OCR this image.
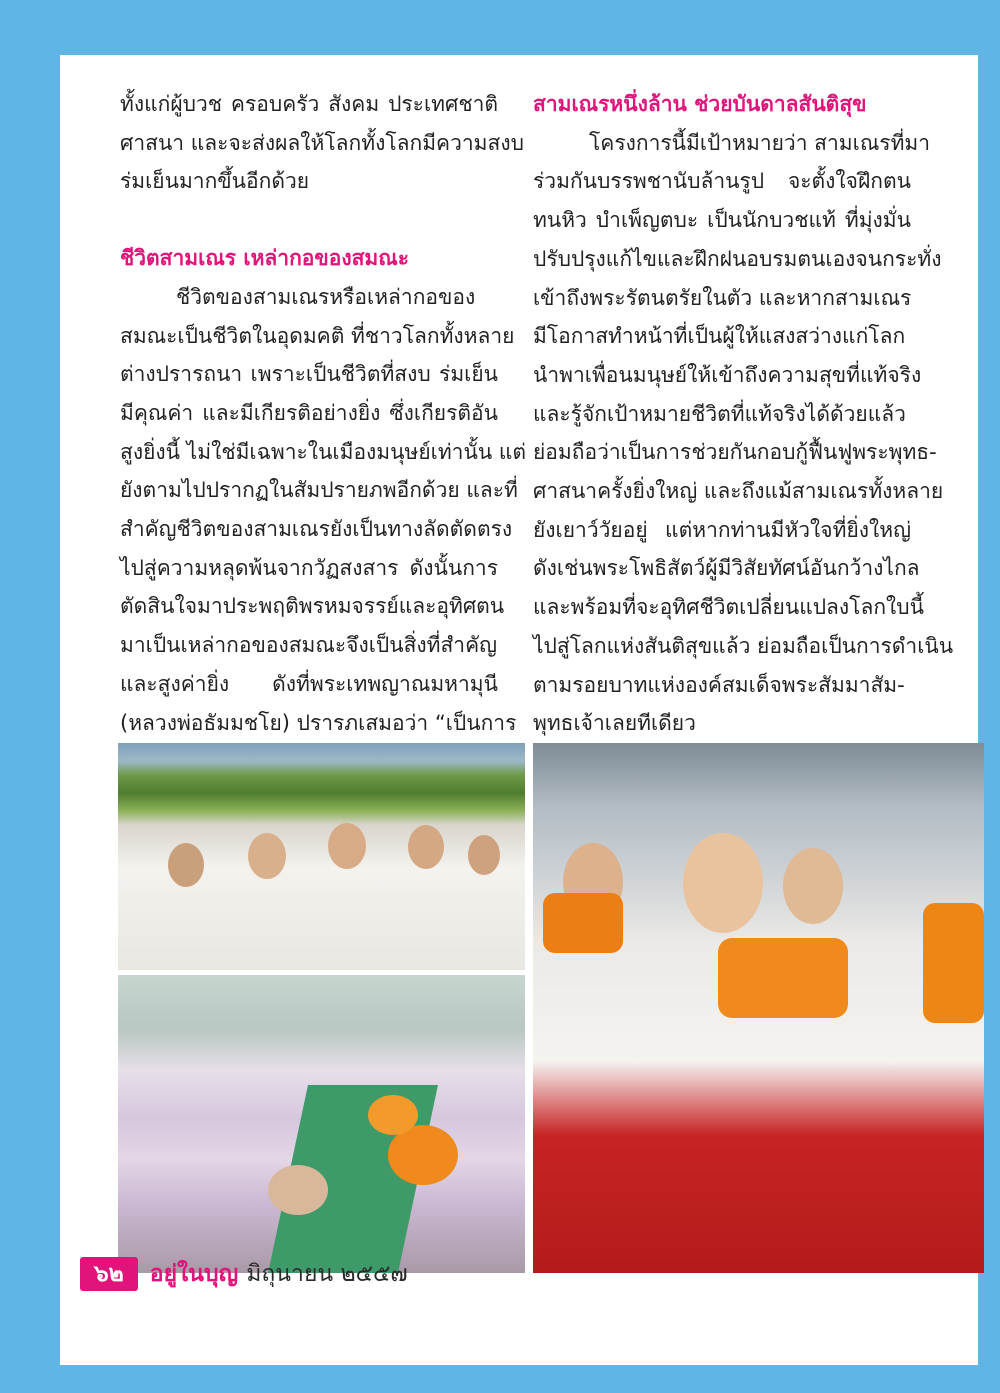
ทั้งแก่ผู้บวช ครอบครัว สังคม ประเทศชาติ
ศาสนา และจะส่งผลให้โลกทั้งโลกมีความสงบ
ร่มเย็นมากขึ้นอีกด้วย
ชีวิตสามเณร เหล่ากอของสมณะ
ชีวิตของสามเณรหรือเหล่ากอของ
สมณะเป็นชีวิตในอุดมคติ ที่ชาวโลกทั้งหลาย
ต่างปรารถนา เพราะเป็นชีวิตที่สงบ ร่มเย็น
มีคุณค่า และมีเกียรติอย่างยิ่ง ซึ่งเกียรติอัน
สูงยิ่งนี้ ไม่ใช่มีเฉพาะในเมืองมนุษย์เท่านั้น แต่
ยังตามไปปรากฏในสัมปรายภพอีกด้วย และที่
สำคัญชีวิตของสามเณรยังเป็นทางลัดตัดตรง
ไปสู่ความหลุดพ้นจากวัฏสงสาร ดังนั้นการ
ตัดสินใจมาประพฤติพรหมจรรย์และอุทิศตน
มาเป็นเหล่ากอของสมณะจึงเป็นสิ่งที่สำคัญ
และสูงค่ายิ่ง ดังที่พระเทพญาณมหามุนี
(หลวงพ่อธัมมชโย) ปรารภเสมอว่า “เป็นการ
สามเณรหนึ่งล้าน ช่วยบันดาลสันติสุข
โครงการนี้มีเป้าหมายว่า สามเณรที่มา
ร่วมกันบรรพชานับล้านรูป จะตั้งใจฝึกตน
ทนหิว บำเพ็ญตบะ เป็นนักบวชแท้ ที่มุ่งมั่น
ปรับปรุงแก้ไขและฝึกฝนอบรมตนเองจนกระทั่ง
เข้าถึงพระรัตนตรัยในตัว และหากสามเณร
มีโอกาสทำหน้าที่เป็นผู้ให้แสงสว่างแก่โลก
นำพาเพื่อนมนุษย์ให้เข้าถึงความสุขที่แท้จริง
และรู้จักเป้าหมายชีวิตที่แท้จริงได้ด้วยแล้ว
ย่อมถือว่าเป็นการช่วยกันกอบกู้ฟื้นฟูพระพุทธ-
ศาสนาครั้งยิ่งใหญ่ และถึงแม้สามเณรทั้งหลาย
ยังเยาว์วัยอยู่ แต่หากท่านมีหัวใจที่ยิ่งใหญ่
ดังเช่นพระโพธิสัตว์ผู้มีวิสัยทัศน์อันกว้างไกล
และพร้อมที่จะอุทิศชีวิตเปลี่ยนแปลงโลกใบนี้
ไปสู่โลกแห่งสันติสุขแล้ว ย่อมถือเป็นการดำเนิน
ตามรอยบาทแห่งองค์สมเด็จพระสัมมาสัม-
พุทธเจ้าเลยทีเดียว
๖๒ อยู่ในบุญ มิถุนายน ๒๕๕๗
